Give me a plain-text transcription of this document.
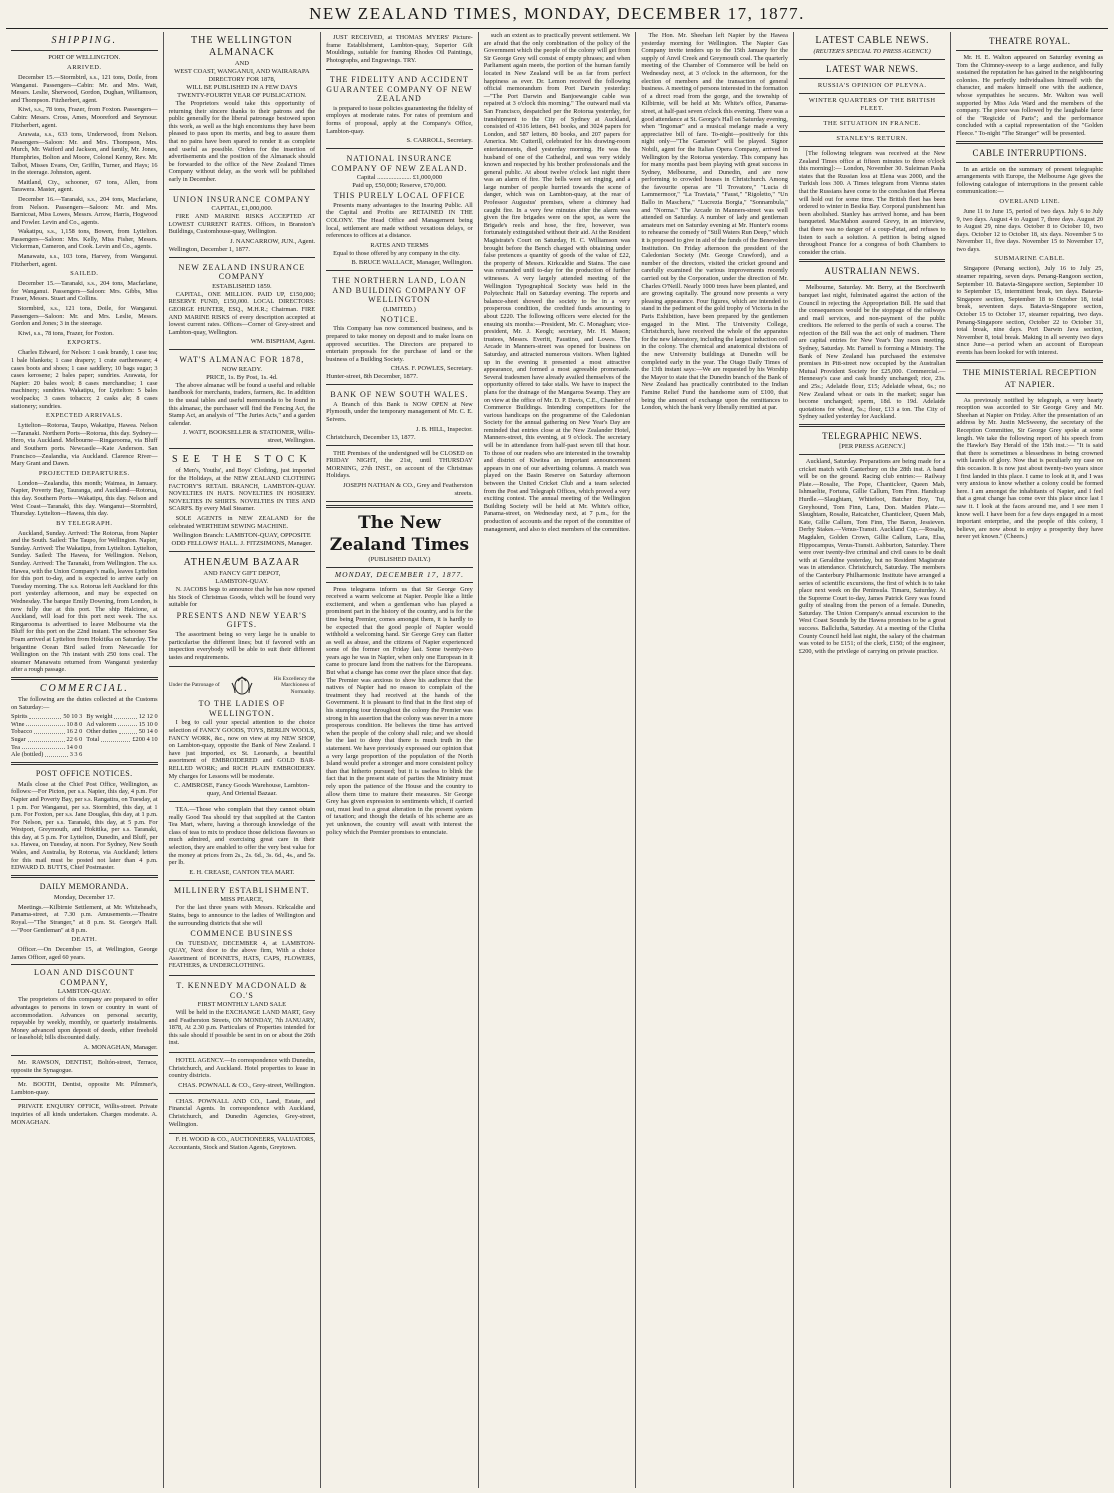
NEW ZEALAND TIMES, MONDAY, DECEMBER 17, 1877.
SHIPPING.
PORT OF WELLINGTON.
ARRIVED.

December 15.—Stormbird, s.s., 121 tons, Doile, from Wanganui. Passengers—Cabin: Mr. and Mrs. Watt, Messrs. Leslie, Sherwood, Gordon, Dughan, Williamson, and Thompson. Fitzherbert, agent.

Kiwi, s.s., 78 tons, Frazer, from Foxton. Passengers—Cabin: Messrs. Cross, Ames, Mooreford and Seymour. Fitzherbert, agent.

Arawata, s.s., 633 tons, Underwood, from Nelson. Passengers—Saloon: Mr. and Mrs. Thompson, Mrs. Murch, Mr. Watford and Jackson, and family, Mr. Jones, Humphries, Bolton and Moore, Colonel Kenny, Rev. Mr. Talbot, Misses Evans, Orr, Griffin, Turner, and Hays; 16 in the steerage. Johnston, agent.

Maitland, Cty., schooner, 67 tons, Allen, from Tarawera. Master, agent.

December 16.—Taranaki, s.s., 204 tons, Macfarlane, from Nelson. Passengers—Saloon: Mr. and Mrs. Barnicoat, Miss Lowes, Messrs. Arrow, Harris, Hogwood and Fowler. Levin and Co., agents.

Wakatipu, s.s., 1,158 tons, Bowen, from Lyttelton. Passengers—Saloon: Mrs. Kelly, Miss Fisher, Messrs. Vickerman, Cameron, and Cook. Levin and Co., agents.

Manawatu, s.s., 103 tons, Harvey, from Wanganui. Fitzherbert, agent.

SAILED.

December 15.—Taranaki, s.s., 204 tons, Macfarlane, for Wanganui. Passengers—Saloon: Mrs. Gibbs, Miss Fraser, Messrs. Stuart and Collins.

Stormbird, s.s., 121 tons, Doile, for Wanganui. Passengers—Saloon: Mr. and Mrs. Leslie, Messrs. Gordon and Jones; 3 in the steerage.

Kiwi, s.s., 78 tons, Frazer, for Foxton.

EXPORTS.

Charles Edward, for Nelson: 1 cask brandy, 1 case tea; 1 bale blankets; 1 case drapery; 1 crate earthenware; 4 cases boots and shoes; 1 case saddlery; 10 bags sugar; 3 cases kerosene; 2 bales paper; sundries. Arawata, for Napier: 20 bales wool; 8 cases merchandise; 1 case machinery; sundries. Wakatipu, for Lyttelton: 5 bales woolpacks; 3 cases tobacco; 2 casks ale; 8 cases stationery; sundries.

EXPECTED ARRIVALS.

Lyttelton—Rotorua, Taupo, Wakatipu, Hawea. Nelson—Taranaki. Northern Ports—Rotorua, this day. Sydney—Hero, via Auckland. Melbourne—Ringarooma, via Bluff and Southern ports. Newcastle—Kate Anderson. San Francisco—Zealandia, via Auckland. Clarence River—Mary Grant and Dawn.

PROJECTED DEPARTURES.

London—Zealandia, this month; Waimea, in January. Napier, Poverty Bay, Tauranga, and Auckland—Rotorua, this day. Southern Ports—Wakatipu, this day. Nelson and West Coast—Taranaki, this day. Wanganui—Stormbird, Thursday. Lyttelton—Hawea, this day.

BY TELEGRAPH.

Auckland, Sunday. Arrived: The Rotorua, from Napier and the South. Sailed: The Taupo, for Wellington. Napier, Sunday. Arrived: The Wakatipu, from Lyttelton. Lyttelton, Sunday. Sailed: The Hawea, for Wellington. Nelson, Sunday. Arrived: The Taranaki, from Wellington. The s.s. Hawea, with the Union Company's mails, leaves Lyttelton for this port to-day, and is expected to arrive early on Tuesday morning. The s.s. Rotorua left Auckland for this port yesterday afternoon, and may be expected on Wednesday. The barque Emily Downing, from London, is now fully due at this port. The ship Halcione, at Auckland, will load for this port next week. The s.s. Ringarooma is advertised to leave Melbourne via the Bluff for this port on the 22nd instant. The schooner Sea Foam arrived at Lyttelton from Hokitika on Saturday. The brigantine Ocean Bird sailed from Newcastle for Wellington on the 7th instant with 250 tons coal. The steamer Manawatu returned from Wanganui yesterday after a rough passage.

COMMERCIAL.

The following are the duties collected at the Customs on Saturday:—

Spirits	50 10 3
Wine	10 8 0
Tobacco	16 2 0
Sugar	22 6 0
Tea	14 0 0
Ale (bottled)	3 3 6
By weight	12 12 0
Ad valorem	15 10 0
Other duties	50 14 0
Total	£200 4 10
POST OFFICE NOTICES.

Mails close at the Chief Post Office, Wellington, as follows:—For Picton, per s.s. Napier, this day, 4 p.m. For Napier and Poverty Bay, per s.s. Rangatira, on Tuesday, at 1 p.m. For Wanganui, per s.s. Stormbird, this day, at 1 p.m. For Foxton, per s.s. Jane Douglas, this day, at 1 p.m. For Nelson, per s.s. Taranaki, this day, at 5 p.m. For Westport, Greymouth, and Hokitika, per s.s. Taranaki, this day, at 5 p.m. For Lyttelton, Dunedin, and Bluff, per s.s. Hawea, on Tuesday, at noon. For Sydney, New South Wales, and Australia, by Rotorua, via Auckland; letters for this mail must be posted not later than 4 p.m. EDWARD D. BUTTS, Chief Postmaster.

DAILY MEMORANDA.
Monday, December 17.

Meetings.—Kilbirnie Settlement, at Mr. Whitehead's, Panama-street, at 7.30 p.m. Amusements.—Theatre Royal.—"The Stranger," at 8 p.m. St. George's Hall.—"Poor Gentleman" at 8 p.m.

DEATH.

Officer.—On December 15, at Wellington, George James Officer, aged 60 years.

LOAN AND DISCOUNT COMPANY,
LAMBTON-QUAY.

The proprietors of this company are prepared to offer advantages to persons in town or country in want of accommodation. Advances on personal security, repayable by weekly, monthly, or quarterly instalments. Money advanced upon deposit of deeds, either freehold or leasehold; bills discounted daily.

A. MONAGHAN, Manager.

Mr. RAWSON, DENTIST, Boltón-street, Terrace, opposite the Synagogue.

Mr. BOOTH, Dentist, opposite Mr. Pilmmer's, Lambton-quay.

PRIVATE ENQUIRY OFFICE, Willis-street. Private inquiries of all kinds undertaken. Charges moderate. A. MONAGHAN.

THE WELLINGTON ALMANACK
AND
WEST COAST, WANGANUI, AND WAIRARAPA DIRECTORY FOR 1878,
WILL BE PUBLISHED IN A FEW DAYS
TWENTY-FOURTH YEAR OF PUBLICATION.

The Proprietors would take this opportunity of returning their sincere thanks to their patrons and the public generally for the liberal patronage bestowed upon this work, as well as the high encomiums they have been pleased to pass upon its merits, and beg to assure them that no pains have been spared to render it as complete and useful as possible. Orders for the insertion of advertisements and the position of the Almanack should be forwarded to the office of the New Zealand Times Company without delay, as the work will be published early in December.

UNION INSURANCE COMPANY
CAPITAL, £1,000,000.

FIRE AND MARINE RISKS ACCEPTED AT LOWEST CURRENT RATES. Offices, in Branston's Buildings, Customhouse-quay, Wellington.

J. NANCARROW, JUN., Agent.
Wellington, December 1, 1877.
NEW ZEALAND INSURANCE COMPANY
ESTABLISHED 1859.

CAPITAL, ONE MILLION. PAID UP, £150,000; RESERVE FUND, £150,000. LOCAL DIRECTORS: GEORGE HUNTER, ESQ., M.H.R.; Chairman. FIRE AND MARINE RISKS of every description accepted at lowest current rates. Offices—Corner of Grey-street and Lambton-quay, Wellington.

WM. BISPHAM, Agent.
WAT'S ALMANAC FOR 1878,
NOW READY.
PRICE, 1s. By Post, 1s. 4d.

The above almanac will be found a useful and reliable handbook for merchants, traders, farmers, &c. In addition to the usual tables and useful memoranda to be found in this almanac, the purchaser will find the Fencing Act, the Stamp Act, an analysis of "The Juries Acts," and a garden calendar.

J. WATT, BOOKSELLER & STATIONER, Willis-street, Wellington.
SEE THE STOCK

of Men's, Youths', and Boys' Clothing, just imported for the Holidays, at the NEW ZEALAND CLOTHING FACTORY'S RETAIL BRANCH, LAMBTON-QUAY. NOVELTIES IN HATS. NOVELTIES IN HOSIERY. NOVELTIES IN SHIRTS. NOVELTIES IN TIES AND SCARFS. By every Mail Steamer.

SOLE AGENTS in NEW ZEALAND for the celebrated WERTHEIM SEWING MACHINE.

Wellington Branch: LAMBTON-QUAY, OPPOSITE ODD FELLOWS' HALL. J. FITZSIMONS, Manager.
ATHENÆUM BAZAAR
AND FANCY GIFT DEPOT,
LAMBTON-QUAY.

N. JACOBS begs to announce that he has now opened his Stock of Christmas Goods, which will be found very suitable for

PRESENTS AND NEW YEAR'S GIFTS.

The assortment being so very large he is unable to particularise the different lines; but if favored with an inspection everybody will be able to suit their different tastes and requirements.

Under the Patronage of
His Excellency the Marchioness of Normanby.
TO THE LADIES OF WELLINGTON.

I beg to call your special attention to the choice selection of FANCY GOODS, TOYS, BERLIN WOOLS, FANCY WORK, &c., now on view at my NEW SHOP, on Lambton-quay, opposite the Bank of New Zealand. I have just imported, ex St. Leonards, a beautiful assortment of EMBROIDERED and GOLD BAR-RELLED WORK; and RICH PLAIN EMBROIDERY. My charges for Lessons will be moderate.

C. AMBROSE, Fancy Goods Warehouse, Lambton-quay, And Oriental Bazaar.

TEA.—Those who complain that they cannot obtain really Good Tea should try that supplied at the Canton Tea Mart, where, having a thorough knowledge of the class of teas to mix to produce those delicious flavours so much admired, and exercising great care in their selection, they are enabled to offer the very best value for the money at prices from 2s., 2s. 6d., 3s. 6d., 4s., and 5s. per lb.

E. H. CREASE, CANTON TEA MART.
MILLINERY ESTABLISHMENT.
MISS PEARCE,

For the last three years with Messrs. Kirkcaldie and Stains, begs to announce to the ladies of Wellington and the surrounding districts that she will

COMMENCE BUSINESS

On TUESDAY, DECEMBER 4, at LAMBTON-QUAY, Next door to the above firm, With a choice Assortment of BONNETS, HATS, CAPS, FLOWERS, FEATHERS, & UNDERCLOTHING.

T. KENNEDY MACDONALD & CO.'S
FIRST MONTHLY LAND SALE

Will be held in the EXCHANGE LAND MART, Grey and Featherston Streets, ON MONDAY, 7th JANUARY, 1878, At 2.30 p.m. Particulars of Properties intended for this sale should if possible be sent in on or about the 26th inst.

HOTEL AGENCY.—In correspondence with Dunedin, Christchurch, and Auckland. Hotel properties to lease in country districts.

CHAS. POWNALL & CO., Grey-street, Wellington.

CHAS. POWNALL AND CO., Land, Estate, and Financial Agents. In correspondence with Auckland, Christchurch, and Dunedin Agencies, Grey-street, Wellington.

F. H. WOOD & CO., AUCTIONEERS, VALUATORS, Accountants, Stock and Station Agents, Greytown.

JUST RECEIVED, at THOMAS MYERS' Picture-frame Establishment, Lambton-quay, Superior Gilt Mouldings, suitable for framing Rhodes Oil Paintings, Photographs, and Engravings. TRY.

THE FIDELITY AND ACCIDENT GUARANTEE COMPANY OF NEW ZEALAND

is prepared to issue policies guaranteeing the fidelity of employes at moderate rates. For rates of premium and forms of proposal, apply at the Company's Office, Lambton-quay.

S. CARROLL, Secretary.
NATIONAL INSURANCE COMPANY OF NEW ZEALAND.
Capital ..................... £1,000,000
Paid up, £50,000; Reserve, £70,000.
THIS PURELY LOCAL OFFICE

Presents many advantages to the Insuring Public. All the Capital and Profits are RETAINED IN THE COLONY. The Head Office and Management being local, settlement are made without vexatious delays, or references to offices at a distance.

RATES AND TERMS

Equal to those offered by any company in the city.

B. BRUCE WALLACE, Manager, Wellington.
THE NORTHERN LAND, LOAN AND BUILDING COMPANY OF WELLINGTON
(LIMITED.)
NOTICE.

This Company has now commenced business, and is prepared to take money on deposit and to make loans on approved securities. The Directors are prepared to entertain proposals for the purchase of land or the business of a Building Society.

CHAS. F. POWLES, Secretary.
Hunter-street, 8th December, 1877.
BANK OF NEW SOUTH WALES.

A Branch of this Bank is NOW OPEN at New Plymouth, under the temporary management of Mr. C. E. Seivers.

J. B. HILL, Inspector.
Christchurch, December 13, 1877.

THE Premises of the undersigned will be CLOSED on FRIDAY NIGHT, the 21st, until THURSDAY MORNING, 27th INST., on account of the Christmas Holidays.

JOSEPH NATHAN & CO., Grey and Featherston streets.
The New Zealand Times
(PUBLISHED DAILY.)
MONDAY, DECEMBER 17, 1877.

Press telegrams inform us that Sir George Grey received a warm welcome at Napier. People like a little excitement, and when a gentleman who has played a prominent part in the history of the country, and is for the time being Premier, comes amongst them, it is hardly to be expected that the good people of Napier would withhold a welcoming hand. Sir George Grey can flatter as well as abuse, and the citizens of Napier experienced some of the former on Friday last. Some twenty-two years ago he was in Napier, when only one European in it came to procure land from the natives for the Europeans. But what a change has come over the place since that day. The Premier was anxious to show his audience that the natives of Napier had no reason to complain of the treatment they had received at the hands of the Government. It is pleasant to find that in the first step of his stumping tour throughout the colony the Premier was strong in his assertion that the colony was never in a more prosperous condition. He believes the time has arrived when the people of the colony shall rule; and we should be the last to deny that there is much truth in the statement. We have previously expressed our opinion that a very large proportion of the population of the North Island would prefer a stronger and more consistent policy than that hitherto pursued; but it is useless to blink the fact that in the present state of parties the Ministry must rely upon the patience of the House and the country to allow them time to mature their measures. Sir George Grey has given expression to sentiments which, if carried out, must lead to a great alteration in the present system of taxation; and though the details of his scheme are as yet unknown, the country will await with interest the policy which the Premier promises to enunciate.

such an extent as to practically prevent settlement. We are afraid that the only combination of the policy of the Government which the people of the colony will get from Sir George Grey will consist of empty phrases; and when Parliament again meets, the portion of the human family located in New Zealand will be as far from perfect happiness as ever. Dr. Lemon received the following official memorandum from Port Darwin yesterday:—"The Port Darwin and Banjoewangie cable was repaired at 3 o'clock this morning." The outward mail via San Francisco, despatched per the Rotorua yesterday, for transhipment to the City of Sydney at Auckland, consisted of 4316 letters, 841 books, and 3024 papers for London, and 587 letters, 80 books, and 207 papers for America. Mr. Cutterill, celebrated for his drawing-room entertainments, died yesterday morning. He was the husband of one of the Cathedral, and was very widely known and respected by his brother professionals and the general public. At about twelve o'clock last night there was an alarm of fire. The bells were set ringing, and a large number of people hurried towards the scene of danger, which was on Lambton-quay, at the rear of Professor Augustus' premises, where a chimney had caught fire. In a very few minutes after the alarm was given the fire brigades were on the spot, as were the Brigade's reels and hose, the fire, however, was fortunately extinguished without their aid. At the Resident Magistrate's Court on Saturday, H. C. Williamson was brought before the Bench charged with obtaining under false pretences a quantity of goods of the value of £22, the property of Messrs. Kirkcaldie and Stains. The case was remanded until to-day for the production of further witnesses. A very largely attended meeting of the Wellington Typographical Society was held in the Polytechnic Hall on Saturday evening. The reports and balance-sheet showed the society to be in a very prosperous condition, the credited funds amounting to about £220. The following officers were elected for the ensuing six months:—President, Mr. C. Monaghan; vice-president, Mr. J. Keogh; secretary, Mr. H. Mason; trustees, Messrs. Everitt, Faustino, and Lowes. The Arcade in Manners-street was opened for business on Saturday, and attracted numerous visitors. When lighted up in the evening it presented a most attractive appearance, and formed a most agreeable promenade. Several tradesmen have already availed themselves of the opportunity offered to take stalls. We have to inspect the plans for the drainage of the Mangaroa Swamp. They are on view at the office of Mr. D. P. Davis, C.E., Chamber of Commerce Buildings. Intending competitors for the various handicaps on the programme of the Caledonian Society for the annual gathering on New Year's Day are reminded that entries close at the New Zealander Hotel, Manners-street, this evening, at 9 o'clock. The secretary will be in attendance from half-past seven till that hour. To those of our readers who are interested in the township and district of Kiwitea an important announcement appears in one of our advertising columns. A match was played on the Basin Reserve on Saturday afternoon between the United Cricket Club and a team selected from the Post and Telegraph Offices, which proved a very exciting contest. The annual meeting of the Wellington Building Society will be held at Mr. White's office, Panama-street, on Wednesday next, at 7 p.m., for the production of accounts and the report of the committee of management, and also to elect members of the committee.

The Hon. Mr. Sheehan left Napier by the Hawea yesterday morning for Wellington. The Napier Gas Company invite tenders up to the 15th January for the supply of Anvil Creek and Greymouth coal. The quarterly meeting of the Chamber of Commerce will be held on Wednesday next, at 3 o'clock in the afternoon, for the election of members and the transaction of general business. A meeting of persons interested in the formation of a direct road from the gorge, and the township of Kilbirnie, will be held at Mr. White's office, Panama-street, at half-past seven o'clock this evening. There was a good attendance at St. George's Hall on Saturday evening, when "Ingomar" and a musical melange made a very appreciative bill of fare. To-night—positively for this night only—"The Gamester" will be played. Signor Nobili, agent for the Italian Opera Company, arrived in Wellington by the Rotorua yesterday. This company has for many months past been playing with great success in Sydney, Melbourne, and Dunedin, and are now performing to crowded houses in Christchurch. Among the favourite operas are "Il Trovatore," "Lucia di Lammermoor," "La Traviata," "Faust," "Rigoletto," "Un Ballo in Maschera," "Lucrezia Borgia," "Sonnambula," and "Norma." The Arcade in Manners-street was well attended on Saturday. A number of lady and gentleman amateurs met on Saturday evening at Mr. Hunter's rooms to rehearse the comedy of "Still Waters Run Deep," which it is proposed to give in aid of the funds of the Benevolent Institution. On Friday afternoon the president of the Caledonian Society (Mr. George Crawford), and a number of the directors, visited the cricket ground and carefully examined the various improvements recently carried out by the Corporation, under the direction of Mr. Charles O'Neill. Nearly 1000 trees have been planted, and are growing capitally. The ground now presents a very pleasing appearance. Four figures, which are intended to stand in the pediment of the gold trophy of Victoria in the Paris Exhibition, have been prepared by the gentlemen engaged in the Mint. The University College, Christchurch, have received the whole of the apparatus for the new laboratory, including the largest induction coil in the colony. The chemical and anatomical divisions of the new University buildings at Dunedin will be completed early in the year. The Otago Daily Times of the 13th instant says:—We are requested by his Worship the Mayor to state that the Dunedin branch of the Bank of New Zealand has practically contributed to the Indian Famine Relief Fund the handsome sum of £100, that being the amount of exchange upon the remittances to London, which the bank very liberally remitted at par.

LATEST CABLE NEWS.
(REUTER'S SPECIAL TO PRESS AGENCY.)
LATEST WAR NEWS.
RUSSIA'S OPINION OF PLEVNA.
WINTER QUARTERS OF THE BRITISH FLEET.
THE SITUATION IN FRANCE.
STANLEY'S RETURN.

[The following telegram was received at the New Zealand Times office at fifteen minutes to three o'clock this morning]:— London, November 30. Suleiman Pasha states that the Russian loss at Elena was 2000, and the Turkish loss 300. A Times telegram from Vienna states that the Russians have come to the conclusion that Plevna will hold out for some time. The British fleet has been ordered to winter in Besika Bay. Corporal punishment has been abolished. Stanley has arrived home, and has been banqueted. MacMahon assured Grevy, in an interview, that there was no danger of a coup-d'etat, and refuses to listen to such a solution. A petition is being signed throughout France for a congress of both Chambers to consider the crisis.

AUSTRALIAN NEWS.

Melbourne, Saturday. Mr. Berry, at the Borchwerth banquet last night, fulminated against the action of the Council in rejecting the Appropriation Bill. He said that the consequences would be the stoppage of the railways and mail services, and non-payment of the public creditors. He referred to the perils of such a course. The rejection of the Bill was the act only of madmen. There are capital entries for New Year's Day races meeting. Sydney, Saturday. Mr. Farnell is forming a Ministry. The Bank of New Zealand has purchased the extensive premises in Pitt-street now occupied by the Australian Mutual Provident Society for £25,000. Commercial.—Hennessy's case and cask brandy unchanged; rice, 23s. and 25s.; Adelaide flour, £15; Adelaide wheat, 6s.; no New Zealand wheat or oats in the market; sugar has become unchanged; sperm, 18d. to 19d. Adelaide quotations for wheat, 5s.; flour, £13 a ton. The City of Sydney sailed yesterday for Auckland.

TELEGRAPHIC NEWS.
[PER PRESS AGENCY.]

Auckland, Saturday. Preparations are being made for a cricket match with Canterbury on the 28th inst. A band will be on the ground. Racing club entries:— Railway Plate.—Rosalie, The Pope, Chanticleer, Queen Mab, Ishmaelite, Fortuna, Gillie Callum, Tom Finn. Handicap Hurdle.—Slaughtam, Whitefoot, Batcher Boy, Tui, Greyhound, Tom Finn, Lara, Don. Maiden Plate.—Slaughtam, Rosalie, Ratcatcher, Chanticleer, Queen Mab, Kate, Gillie Callum, Tom Finn, The Baron, Jessieven. Derby Stakes.—Venus-Transit. Auckland Cup.—Rosalie, Magdalen, Golden Crown, Gillie Callum, Lara, Elsa, Hippocampus, Venus-Transit. Ashburton, Saturday. There were over twenty-five criminal and civil cases to be dealt with at Geraldine yesterday, but no Resident Magistrate was in attendance. Christchurch, Saturday. The members of the Canterbury Philharmonic Institute have arranged a series of scientific excursions, the first of which is to take place next week on the Peninsula. Timaru, Saturday. At the Supreme Court to-day, James Patrick Grey was found guilty of stealing from the person of a female. Dunedin, Saturday. The Union Company's annual excursion to the West Coast Sounds by the Hawea promises to be a great success. Ballclutha, Saturday. At a meeting of the Clutha County Council held last night, the salary of the chairman was voted to be £151; of the clerk, £150; of the engineer, £200, with the privilege of carrying on private practice.

THEATRE ROYAL.

Mr. H. E. Walton appeared on Saturday evening as Tom the Chimney-sweep to a large audience, and fully sustained the reputation he has gained in the neighbouring colonies. He perfectly individualises himself with the character, and makes himself one with the audience, whose sympathies he secures. Mr. Walton was well supported by Miss Ada Ward and the members of the company. The piece was followed by the laughable farce of the "Regicide of Paris"; and the performance concluded with a capital representation of the "Golden Fleece." To-night "The Stranger" will be presented.

CABLE INTERRUPTIONS.

In an article on the summary of present telegraphic arrangements with Europe, the Melbourne Age gives the following catalogue of interruptions in the present cable communication:—

OVERLAND LINE.

June 11 to June 15, period of two days. July 6 to July 9, two days. August 4 to August 7, three days. August 20 to August 29, nine days. October 8 to October 10, two days. October 12 to October 18, six days. November 5 to November 11, five days. November 15 to November 17, two days.

SUBMARINE CABLE.

Singapore (Penang section), July 16 to July 25, steamer repairing, seven days. Penang-Rangoon section, September 10. Batavia-Singapore section, September 10 to September 15, intermittent break, ten days. Batavia-Singapore section, September 18 to October 18, total break, seventeen days. Batavia-Singapore section, October 15 to October 17, steamer repairing, two days. Penang-Singapore section, October 22 to October 31, total break, nine days. Port Darwin Java section, November 8, total break. Making in all seventy two days since June—a period when an account of European events has been looked for with interest.

THE MINISTERIAL RECEPTION AT NAPIER.

As previously notified by telegraph, a very hearty reception was accorded to Sir George Grey and Mr. Sheehan at Napier on Friday. After the presentation of an address by Mr. Justin McSweeny, the secretary of the Reception Committee, Sir George Grey spoke at some length. We take the following report of his speech from the Hawke's Bay Herald of the 15th inst.:— "It is said that there is sometimes a blessedness in being crowned with laurels of glory. Now that is peculiarly my case on this occasion. It is now just about twenty-two years since I first landed in this place. I came to look at it, and I was very anxious to know whether a colony could be formed here. I am amongst the inhabitants of Napier, and I feel that a great change has come over this place since last I saw it. I look at the faces around me, and I see men I know well. I have been for a few days engaged in a most important enterprise, and the people of this colony, I believe, are now about to enjoy a prosperity they have never yet known." (Cheers.)
